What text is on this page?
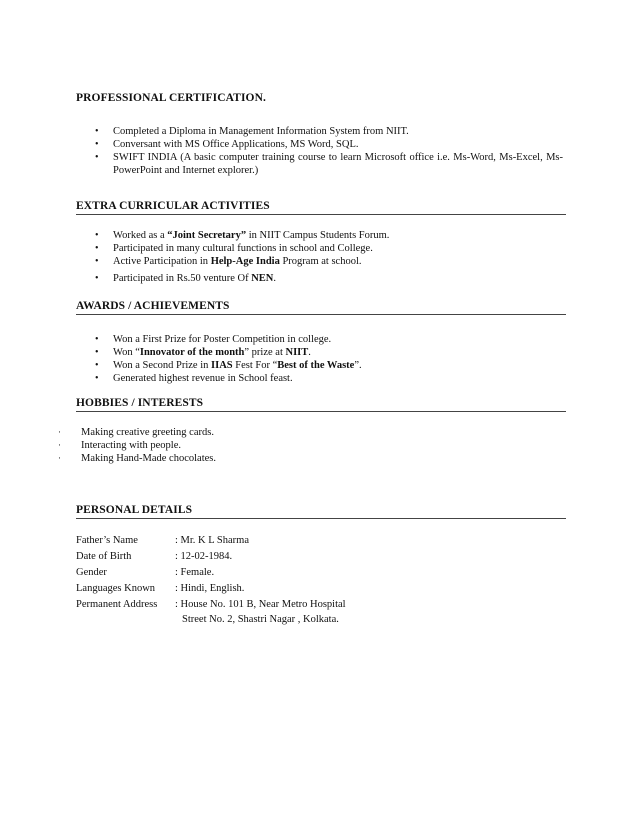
PROFESSIONAL CERTIFICATION.
• Completed a Diploma in Management Information System from NIIT.
• Conversant with MS Office Applications, MS Word, SQL.
• SWIFT INDIA (A basic computer training course to learn Microsoft office i.e. Ms-Word, Ms-Excel, Ms-PowerPoint and Internet explorer.)
EXTRA CURRICULAR ACTIVITIES
• Worked as a “Joint Secretary” in NIIT Campus Students Forum.
• Participated in many cultural functions in school and College.
• Active Participation in Help-Age India Program at school.
• Participated in Rs.50 venture Of NEN.
AWARDS / ACHIEVEMENTS
• Won a First Prize for Poster Competition in college.
• Won “Innovator of the month” prize at NIIT.
• Won a Second Prize in IIAS Fest For “Best of the Waste”.
• Generated highest revenue in School feast.
HOBBIES / INTERESTS
· Making creative greeting cards.
· Interacting with people.
· Making Hand-Made chocolates.
PERSONAL DETAILS
Father’s Name	: Mr. K L Sharma
Date of Birth	: 12-02-1984.
Gender	: Female.
Languages Known : Hindi, English.
Permanent Address : House No. 101 B, Near Metro Hospital
Street No. 2, Shastri Nagar , Kolkata.
